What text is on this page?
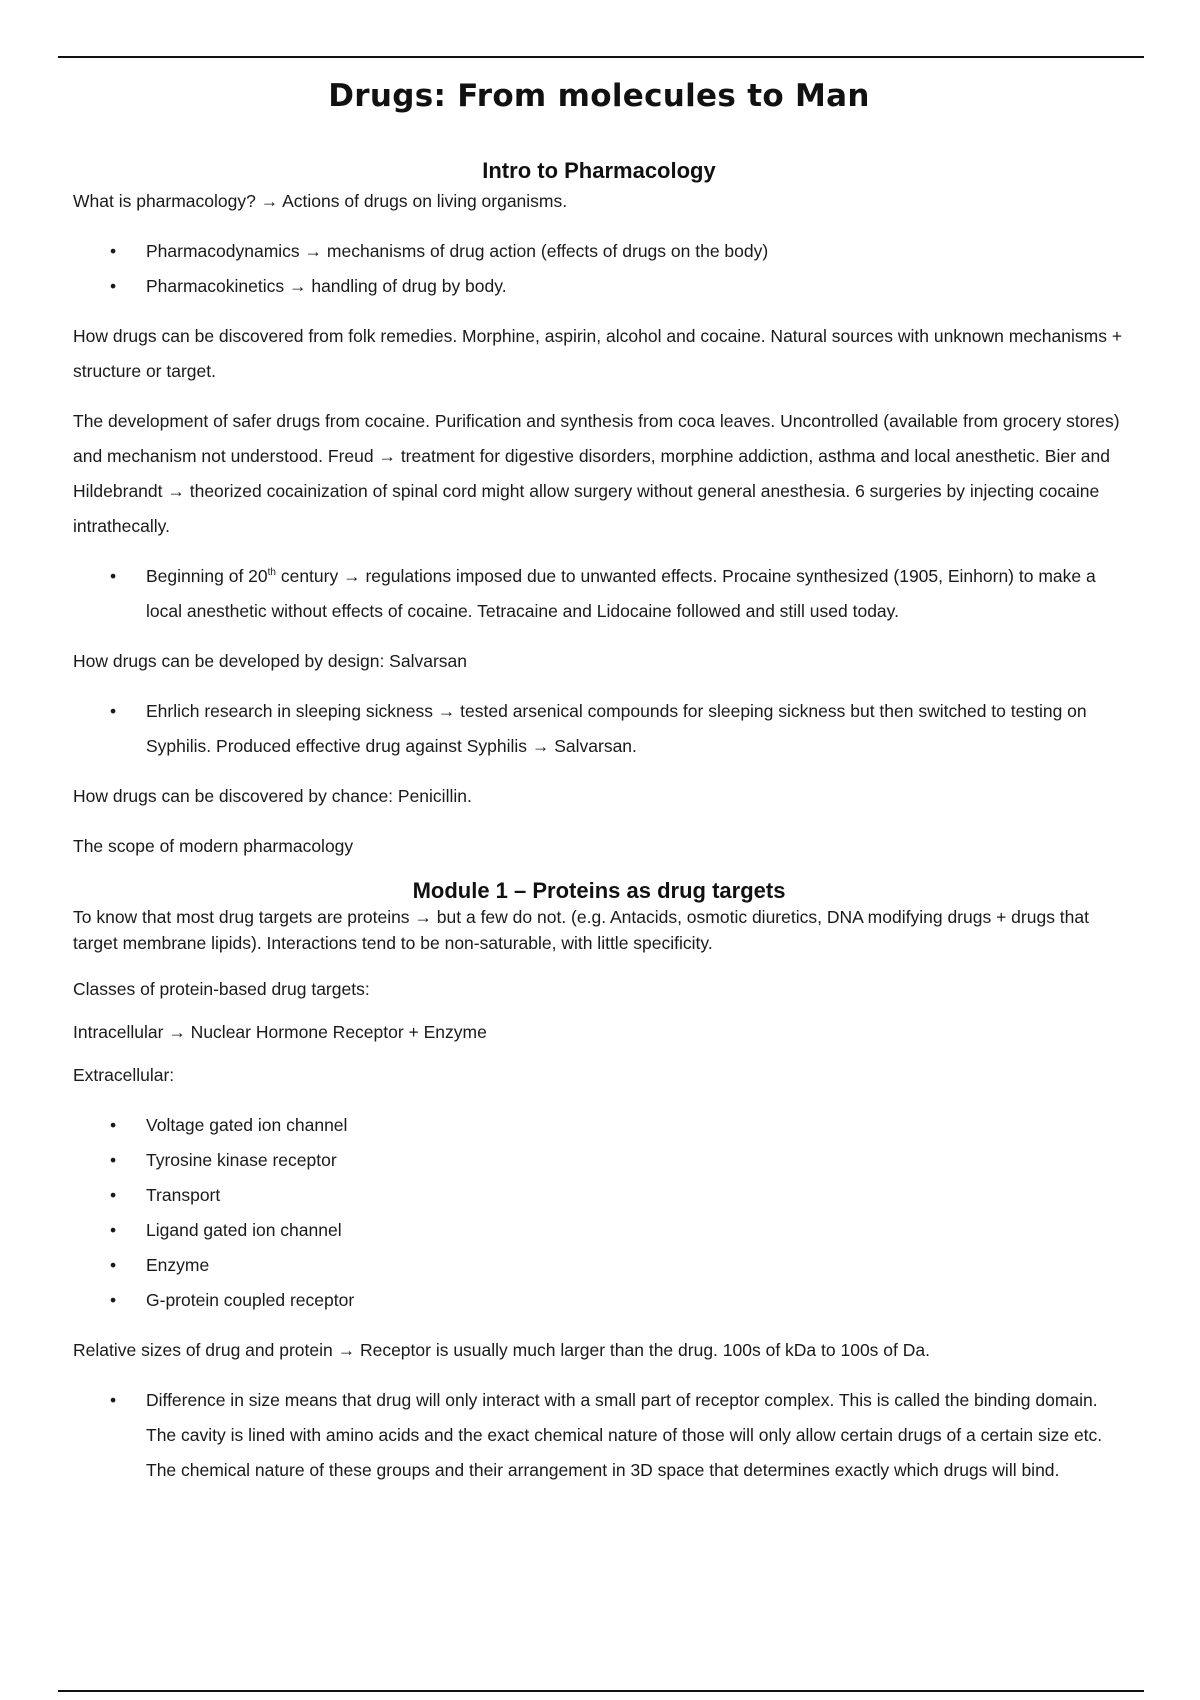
Drugs: From molecules to Man
Intro to Pharmacology

What is pharmacology? → Actions of drugs on living organisms.

• Pharmacodynamics → mechanisms of drug action (effects of drugs on the body)
• Pharmacokinetics → handling of drug by body.

How drugs can be discovered from folk remedies. Morphine, aspirin, alcohol and cocaine. Natural sources with unknown mechanisms + structure or target.

The development of safer drugs from cocaine. Purification and synthesis from coca leaves. Uncontrolled (available from grocery stores) and mechanism not understood. Freud → treatment for digestive disorders, morphine addiction, asthma and local anesthetic. Bier and Hildebrandt → theorized cocainization of spinal cord might allow surgery without general anesthesia. 6 surgeries by injecting cocaine intrathecally.

• Beginning of 20th century → regulations imposed due to unwanted effects. Procaine synthesized (1905, Einhorn) to make a local anesthetic without effects of cocaine. Tetracaine and Lidocaine followed and still used today.

How drugs can be developed by design: Salvarsan

• Ehrlich research in sleeping sickness → tested arsenical compounds for sleeping sickness but then switched to testing on Syphilis. Produced effective drug against Syphilis → Salvarsan.

How drugs can be discovered by chance: Penicillin.

The scope of modern pharmacology

Module 1 – Proteins as drug targets

To know that most drug targets are proteins → but a few do not. (e.g. Antacids, osmotic diuretics, DNA modifying drugs + drugs that target membrane lipids). Interactions tend to be non-saturable, with little specificity.

Classes of protein-based drug targets:

Intracellular → Nuclear Hormone Receptor + Enzyme

Extracellular:

• Voltage gated ion channel
• Tyrosine kinase receptor
• Transport
• Ligand gated ion channel
• Enzyme
• G-protein coupled receptor

Relative sizes of drug and protein → Receptor is usually much larger than the drug. 100s of kDa to 100s of Da.

• Difference in size means that drug will only interact with a small part of receptor complex. This is called the binding domain. The cavity is lined with amino acids and the exact chemical nature of those will only allow certain drugs of a certain size etc. The chemical nature of these groups and their arrangement in 3D space that determines exactly which drugs will bind.
